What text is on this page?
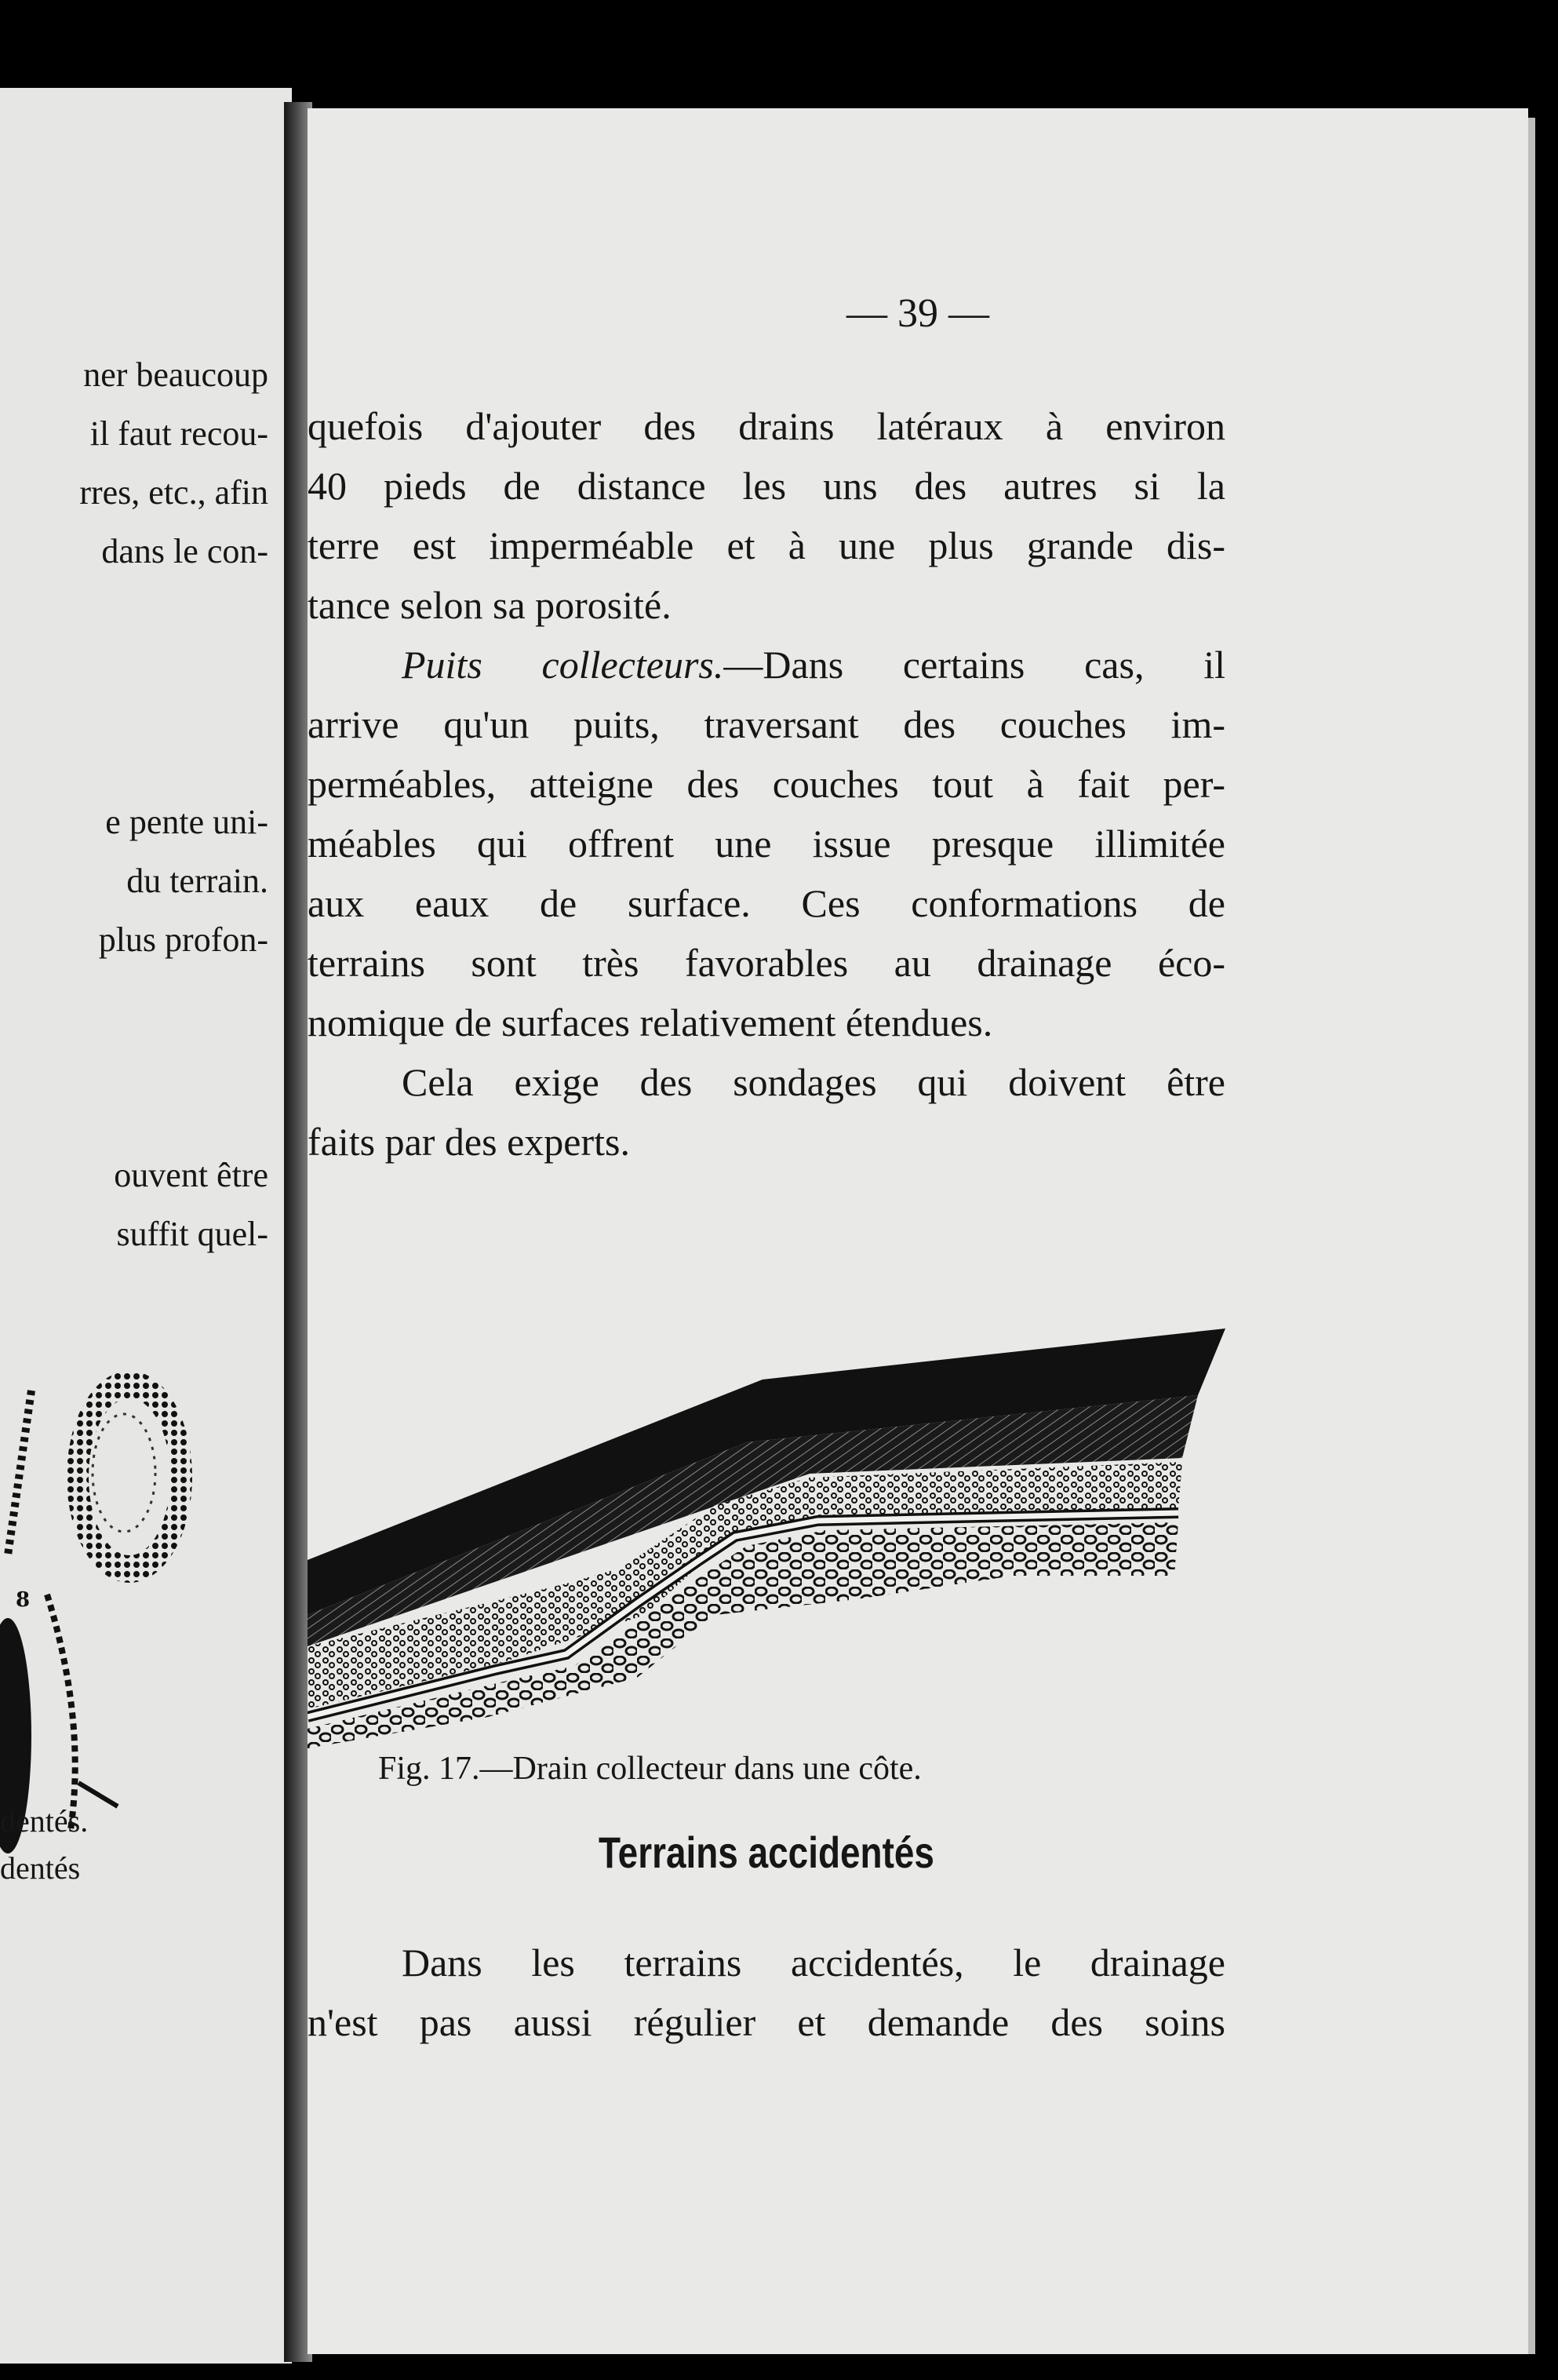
ner beaucoup
il faut recou-
rres, etc., afin
dans le con-
e pente uni-
du terrain.
plus profon-
ouvent être
suffit quel-
8
dentés.
dentés
— 39 —
quefois d'ajouter des drains latéraux à environ
40 pieds de distance les uns des autres si la
terre est imperméable et à une plus grande dis-
tance selon sa porosité.
Puits collecteurs.—Dans certains cas, il
arrive qu'un puits, traversant des couches im-
perméables, atteigne des couches tout à fait per-
méables qui offrent une issue presque illimitée
aux eaux de surface. Ces conformations de
terrains sont très favorables au drainage éco-
nomique de surfaces relativement étendues.
Cela exige des sondages qui doivent être
faits par des experts.
Fig. 17.—Drain collecteur dans une côte.
Terrains accidentés
Dans les terrains accidentés, le drainage
n'est pas aussi régulier et demande des soins
